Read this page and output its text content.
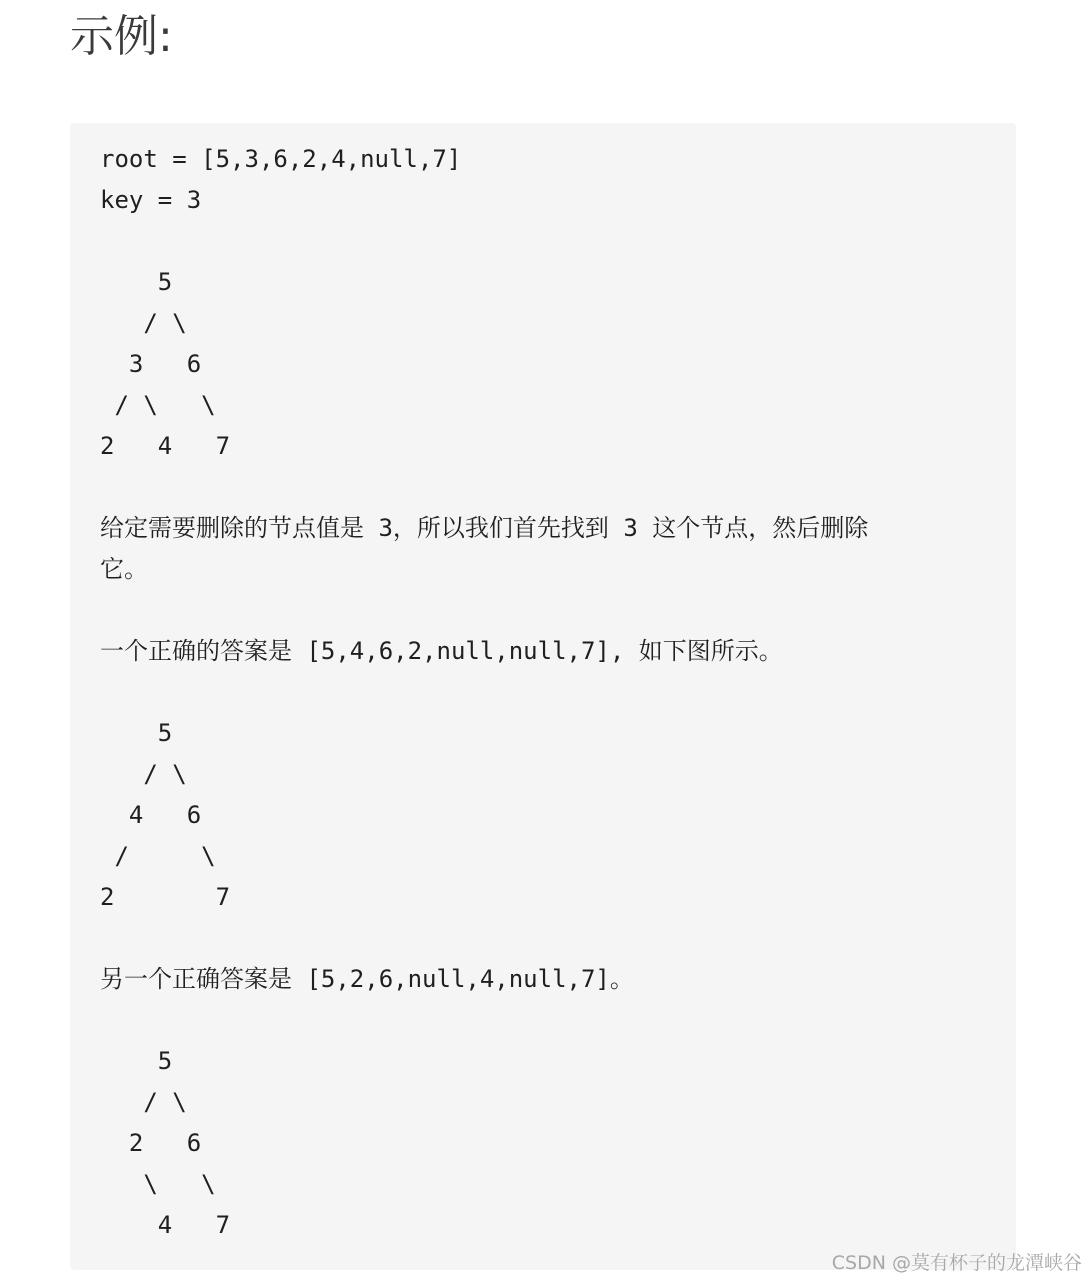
示例:
root = [5,3,6,2,4,null,7]
key = 3
5
/ \
3   6
/ \   \
2   4   7
给定需要删除的节点值是 3，所以我们首先找到 3 这个节点，然后删除
它。
一个正确的答案是 [5,4,6,2,null,null,7], 如下图所示。
5
/ \
4   6
/     \
2       7
另一个正确答案是 [5,2,6,null,4,null,7]。
5
/ \
2   6
\   \
4   7
CSDN @莫有杯子的龙潭峡谷
